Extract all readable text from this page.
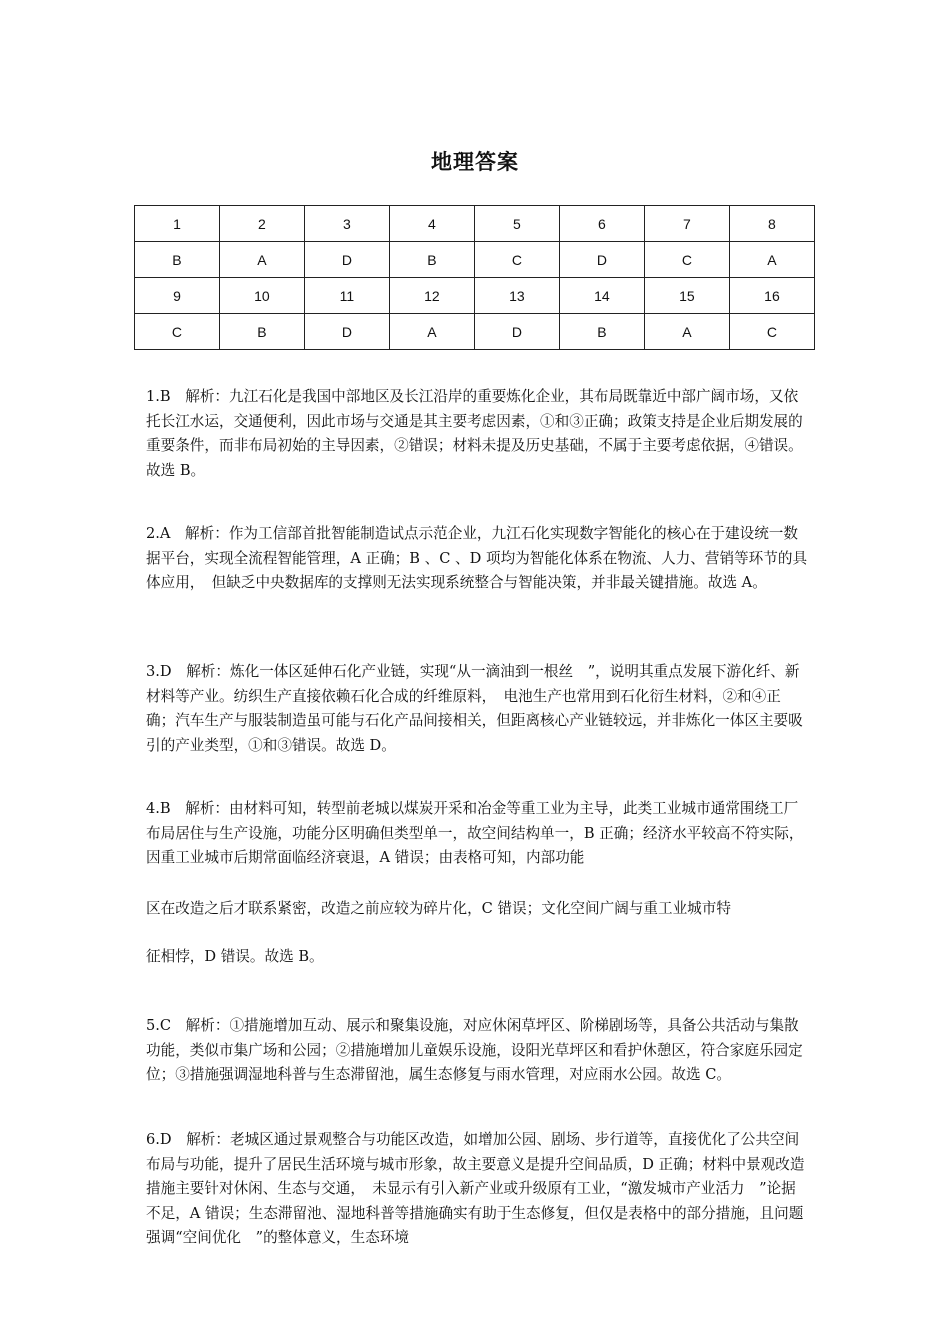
地理答案
1	2	3	4	5	6	7	8
B	A	D	B	C	D	C	A
9	10	11	12	13	14	15	16
C	B	D	A	D	B	A	C
1.B　解析：九江石化是我国中部地区及长江沿岸的重要炼化企业，其布局既靠近中部广阔市场，又依托长江水运，交通便利，因此市场与交通是其主要考虑因素，①和③正确；政策支持是企业后期发展的重要条件，而非布局初始的主导因素，②错误；材料未提及历史基础，不属于主要考虑依据，④错误。故选 B。
2.A　解析：作为工信部首批智能制造试点示范企业，九江石化实现数字智能化的核心在于建设统一数据平台，实现全流程智能管理，A 正确；B 、C 、D 项均为智能化体系在物流、人力、营销等环节的具体应用，　但缺乏中央数据库的支撑则无法实现系统整合与智能决策，并非最关键措施。故选 A。
3.D　解析：炼化一体区延伸石化产业链，实现“从一滴油到一根丝　”，说明其重点发展下游化纤、新材料等产业。纺织生产直接依赖石化合成的纤维原料，　电池生产也常用到石化衍生材料，②和④正确；汽车生产与服装制造虽可能与石化产品间接相关，但距离核心产业链较远，并非炼化一体区主要吸引的产业类型，①和③错误。故选 D。
4.B　解析：由材料可知，转型前老城以煤炭开采和冶金等重工业为主导，此类工业城市通常围绕工厂布局居住与生产设施，功能分区明确但类型单一，故空间结构单一，B 正确；经济水平较高不符实际，因重工业城市后期常面临经济衰退，A 错误；由表格可知，内部功能
区在改造之后才联系紧密，改造之前应较为碎片化，C 错误；文化空间广阔与重工业城市特
征相悖，D 错误。故选 B。
5.C　解析：①措施增加互动、展示和聚集设施，对应休闲草坪区、阶梯剧场等，具备公共活动与集散功能，类似市集广场和公园；②措施增加儿童娱乐设施，设阳光草坪区和看护休憩区，符合家庭乐园定位；③措施强调湿地科普与生态滞留池，属生态修复与雨水管理，对应雨水公园。故选 C。
6.D　解析：老城区通过景观整合与功能区改造，如增加公园、剧场、步行道等，直接优化了公共空间布局与功能，提升了居民生活环境与城市形象，故主要意义是提升空间品质，D 正确；材料中景观改造措施主要针对休闲、生态与交通，　未显示有引入新产业或升级原有工业，“激发城市产业活力　”论据不足，A 错误；生态滞留池、湿地科普等措施确实有助于生态修复，但仅是表格中的部分措施，且问题强调“空间优化　”的整体意义，生态环境
